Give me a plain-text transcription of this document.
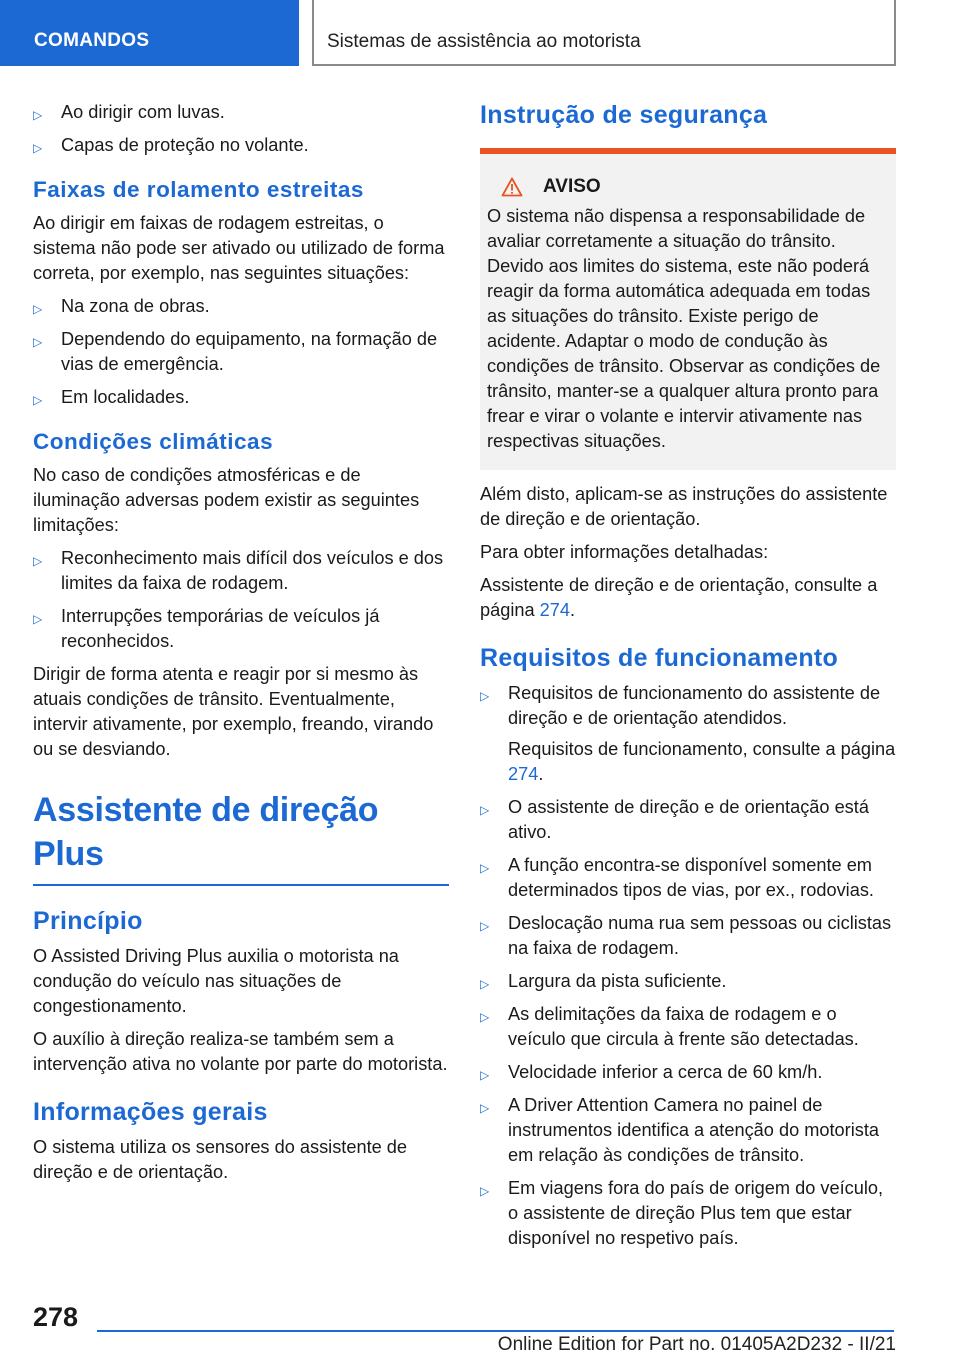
COMANDOS	Sistemas de assistência ao motorista
▷ Ao dirigir com luvas.
▷ Capas de proteção no volante.
Faixas de rolamento estreitas

Ao dirigir em faixas de rodagem estreitas, o sistema não pode ser ativado ou utilizado de forma correta, por exemplo, nas seguintes situações:

▷ Na zona de obras.
▷ Dependendo do equipamento, na formação de vias de emergência.
▷ Em localidades.
Condições climáticas

No caso de condições atmosféricas e de iluminação adversas podem existir as seguintes limitações:

▷ Reconhecimento mais difícil dos veículos e dos limites da faixa de rodagem.
▷ Interrupções temporárias de veículos já reconhecidos.

Dirigir de forma atenta e reagir por si mesmo às atuais condições de trânsito. Eventualmente, intervir ativamente, por exemplo, freando, virando ou se desviando.

Assistente de direção Plus
Princípio

O Assisted Driving Plus auxilia o motorista na condução do veículo nas situações de congestionamento.

O auxílio à direção realiza-se também sem a intervenção ativa no volante por parte do motorista.

Informações gerais

O sistema utiliza os sensores do assistente de direção e de orientação.

Instrução de segurança
AVISO

O sistema não dispensa a responsabilidade de avaliar corretamente a situação do trânsito. Devido aos limites do sistema, este não poderá reagir da forma automática adequada em todas as situações do trânsito. Existe perigo de acidente. Adaptar o modo de condução às condições de trânsito. Observar as condições de trânsito, manter-se a qualquer altura pronto para frear e virar o volante e intervir ativamente nas respectivas situações.

Além disto, aplicam-se as instruções do assistente de direção e de orientação.

Para obter informações detalhadas:

Assistente de direção e de orientação, consulte a página 274.

Requisitos de funcionamento
▷ Requisitos de funcionamento do assistente de direção e de orientação atendidos.
Requisitos de funcionamento, consulte a página 274.
▷ O assistente de direção e de orientação está ativo.
▷ A função encontra-se disponível somente em determinados tipos de vias, por ex., rodovias.
▷ Deslocação numa rua sem pessoas ou ciclistas na faixa de rodagem.
▷ Largura da pista suficiente.
▷ As delimitações da faixa de rodagem e o veículo que circula à frente são detectadas.
▷ Velocidade inferior a cerca de 60 km/h.
▷ A Driver Attention Camera no painel de instrumentos identifica a atenção do motorista em relação às condições de trânsito.
▷ Em viagens fora do país de origem do veículo, o assistente de direção Plus tem que estar disponível no respetivo país.
278
Online Edition for Part no. 01405A2D232 - II/21
